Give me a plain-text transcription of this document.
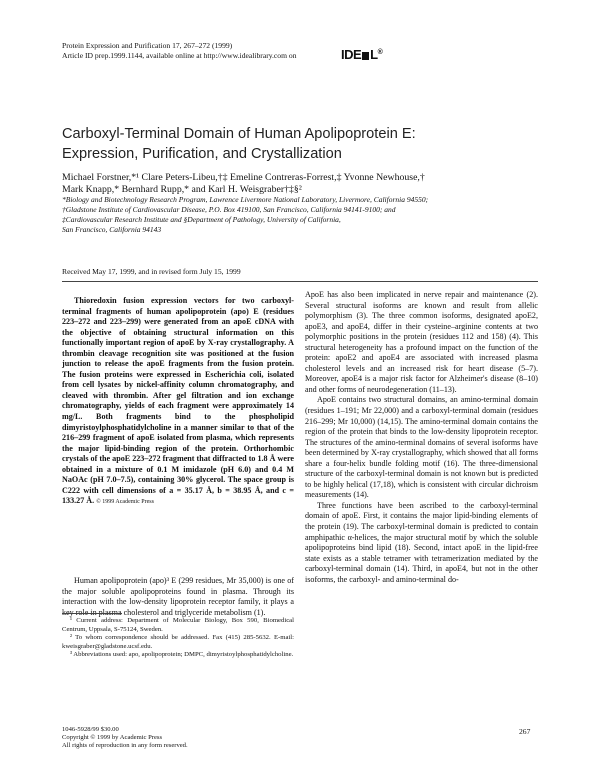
Protein Expression and Purification 17, 267–272 (1999)
Article ID prep.1999.1144, available online at http://www.idealibrary.com on	IDE L®
Carboxyl-Terminal Domain of Human Apolipoprotein E:
Expression, Purification, and Crystallization
Michael Forstner,*¹ Clare Peters-Libeu,†‡ Emeline Contreras-Forrest,‡ Yvonne Newhouse,†
Mark Knapp,* Bernhard Rupp,* and Karl H. Weisgraber†‡§²
*Biology and Biotechnology Research Program, Lawrence Livermore National Laboratory, Livermore, California 94550;
†Gladstone Institute of Cardiovascular Disease, P.O. Box 419100, San Francisco, California 94141-9100; and
‡Cardiovascular Research Institute and §Department of Pathology, University of California,
San Francisco, California 94143
Received May 17, 1999, and in revised form July 15, 1999

Thioredoxin fusion expression vectors for two carboxyl-terminal fragments of human apolipoprotein (apo) E (residues 223–272 and 223–299) were generated from an apoE cDNA with the objective of obtaining structural information on this functionally important region of apoE by X-ray crystallography. A thrombin cleavage recognition site was positioned at the fusion junction to release the apoE fragments from the fusion protein. The fusion proteins were expressed in Escherichia coli, isolated from cell lysates by nickel-affinity column chromatography, and cleaved with thrombin. After gel filtration and ion exchange chromatography, yields of each fragment were approximately 14 mg/L. Both fragments bind to the phospholipid dimyristoylphosphatidylcholine in a manner similar to that of the 216–299 fragment of apoE isolated from plasma, which represents the major lipid-binding region of the protein. Orthorhombic crystals of the apoE 223–272 fragment that diffracted to 1.8 Å were obtained in a mixture of 0.1 M imidazole (pH 6.0) and 0.4 M NaOAc (pH 7.0–7.5), containing 30% glycerol. The space group is C222 with cell dimensions of a = 35.17 Å, b = 38.95 Å, and c = 133.27 Å. © 1999 Academic Press

Human apolipoprotein (apo)³ E (299 residues, Mr 35,000) is one of the major soluble apolipoproteins found in plasma. Through its interaction with the low-density lipoprotein receptor family, it plays a key role in plasma cholesterol and triglyceride metabolism (1).

¹ Current address: Department of Molecular Biology, Box 590, Biomedical Centrum, Uppsala, S-75124, Sweden.

² To whom correspondence should be addressed. Fax (415) 285-5632. E-mail: kweisgraber@gladstone.ucsf.edu.

³ Abbreviations used: apo, apolipoprotein; DMPC, dimyristoylphosphatidylcholine.

1046-5928/99 $30.00
Copyright © 1999 by Academic Press
All rights of reproduction in any form reserved.

ApoE has also been implicated in nerve repair and maintenance (2). Several structural isoforms are known and result from allelic polymorphism (3). The three common isoforms, designated apoE2, apoE3, and apoE4, differ in their cysteine–arginine contents at two polymorphic positions in the protein (residues 112 and 158) (4). This structural heterogeneity has a profound impact on the function of the protein: apoE2 and apoE4 are associated with increased plasma cholesterol levels and an increased risk for heart disease (5–7). Moreover, apoE4 is a major risk factor for Alzheimer's disease (8–10) and other forms of neurodegeneration (11–13).

ApoE contains two structural domains, an amino-terminal domain (residues 1–191; Mr 22,000) and a carboxyl-terminal domain (residues 216–299; Mr 10,000) (14,15). The amino-terminal domain contains the region of the protein that binds to the low-density lipoprotein receptor. The structures of the amino-terminal domains of several isoforms have been determined by X-ray crystallography, which showed that all forms share a four-helix bundle folding motif (16). The three-dimensional structure of the carboxyl-terminal domain is not known but is predicted to be highly helical (17,18), which is consistent with circular dichroism measurements (14).

Three functions have been ascribed to the carboxyl-terminal domain of apoE. First, it contains the major lipid-binding elements of the protein (19). The carboxyl-terminal domain is predicted to contain amphipathic α-helices, the major structural motif by which the soluble apolipoproteins bind lipid (18). Second, intact apoE in the lipid-free state exists as a stable tetramer with tetramerization mediated by the carboxyl-terminal domain (14). Third, in apoE4, but not in the other isoforms, the carboxyl- and amino-terminal do-

267
